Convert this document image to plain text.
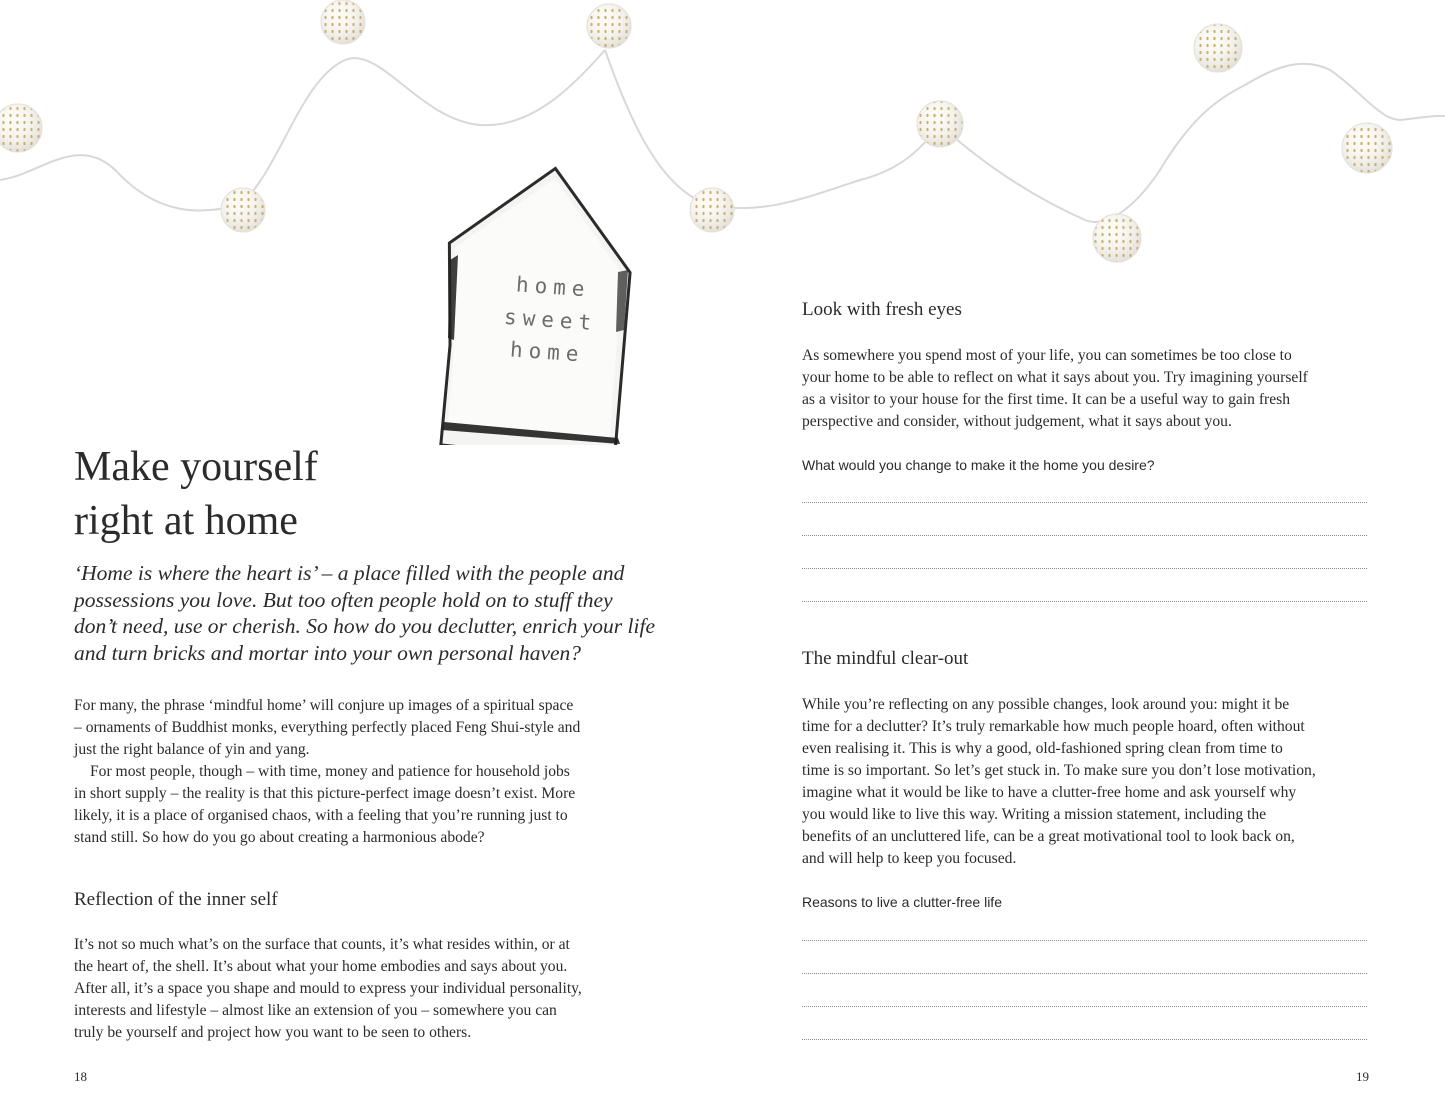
home
sweet
home
Make yourself
right at home
‘Home is where the heart is’ – a place filled with the people and
possessions you love. But too often people hold on to stuff they
don’t need, use or cherish. So how do you declutter, enrich your life
and turn bricks and mortar into your own personal haven?
For many, the phrase ‘mindful home’ will conjure up images of a spiritual space
– ornaments of Buddhist monks, everything perfectly placed Feng Shui-style and
just the right balance of yin and yang.
For most people, though – with time, money and patience for household jobs
in short supply – the reality is that this picture-perfect image doesn’t exist. More
likely, it is a place of organised chaos, with a feeling that you’re running just to
stand still. So how do you go about creating a harmonious abode?
Reflection of the inner self
It’s not so much what’s on the surface that counts, it’s what resides within, or at
the heart of, the shell. It’s about what your home embodies and says about you.
After all, it’s a space you shape and mould to express your individual personality,
interests and lifestyle – almost like an extension of you – somewhere you can
truly be yourself and project how you want to be seen to others.
18
Look with fresh eyes
As somewhere you spend most of your life, you can sometimes be too close to
your home to be able to reflect on what it says about you. Try imagining yourself
as a visitor to your house for the first time. It can be a useful way to gain fresh
perspective and consider, without judgement, what it says about you.
What would you change to make it the home you desire?
The mindful clear-out
While you’re reflecting on any possible changes, look around you: might it be
time for a declutter? It’s truly remarkable how much people hoard, often without
even realising it. This is why a good, old-fashioned spring clean from time to
time is so important. So let’s get stuck in. To make sure you don’t lose motivation,
imagine what it would be like to have a clutter-free home and ask yourself why
you would like to live this way. Writing a mission statement, including the
benefits of an uncluttered life, can be a great motivational tool to look back on,
and will help to keep you focused.
Reasons to live a clutter-free life
19
